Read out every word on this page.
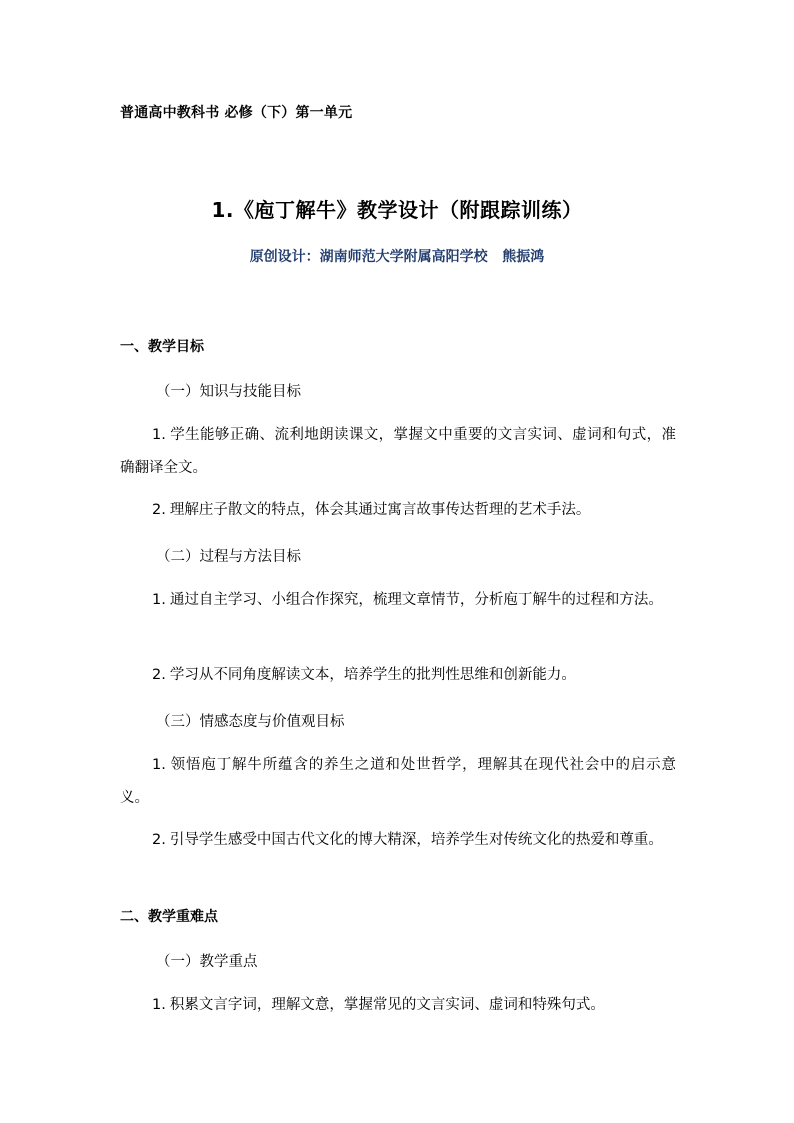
普通高中教科书 必修（下）第一单元
1.《庖丁解牛》教学设计（附跟踪训练）
原创设计：湖南师范大学附属高阳学校   熊振鸿
一、教学目标
（一）知识与技能目标
1. 学生能够正确、流利地朗读课文，掌握文中重要的文言实词、虚词和句式，准确翻译全文。
2. 理解庄子散文的特点，体会其通过寓言故事传达哲理的艺术手法。
（二）过程与方法目标
1. 通过自主学习、小组合作探究，梳理文章情节，分析庖丁解牛的过程和方法。
2. 学习从不同角度解读文本，培养学生的批判性思维和创新能力。
（三）情感态度与价值观目标
1. 领悟庖丁解牛所蕴含的养生之道和处世哲学，理解其在现代社会中的启示意义。
2. 引导学生感受中国古代文化的博大精深，培养学生对传统文化的热爱和尊重。
二、教学重难点
（一）教学重点
1. 积累文言字词，理解文意，掌握常见的文言实词、虚词和特殊句式。
